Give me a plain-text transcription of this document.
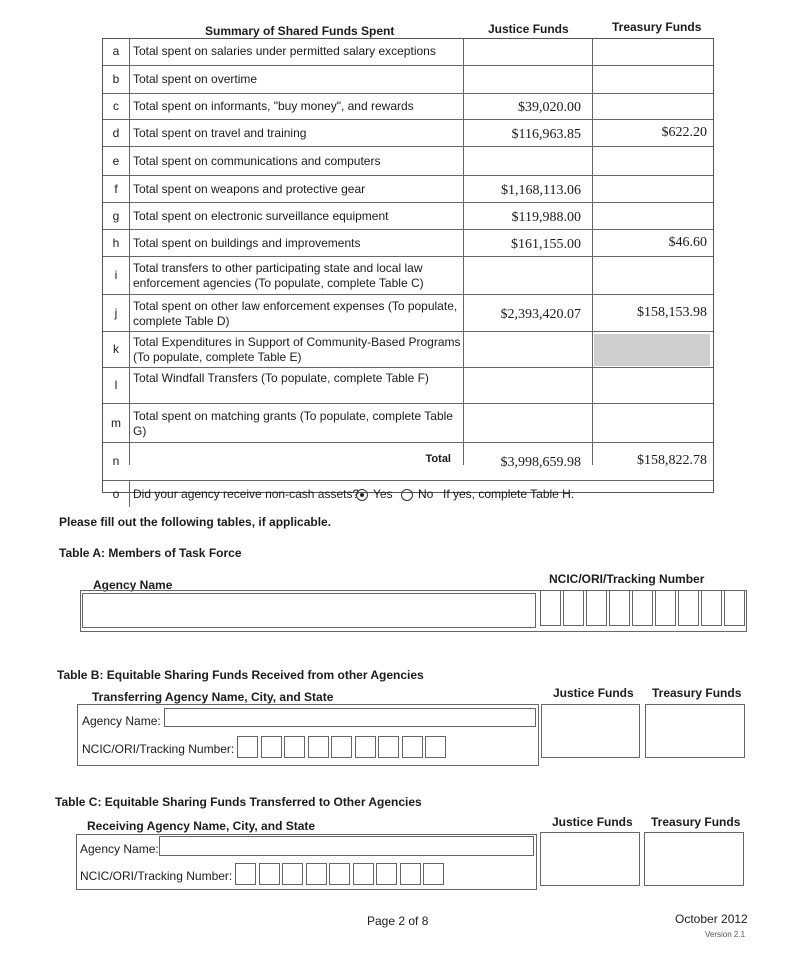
Summary of Shared Funds Spent	Justice Funds	Treasury Funds
a	Total spent on salaries under permitted salary exceptions
b	Total spent on overtime
c	Total spent on informants, "buy money", and rewards	$39,020.00
d	Total spent on travel and training	$116,963.85	$622.20
e	Total spent on communications and computers
f	Total spent on weapons and protective gear	$1,168,113.06
g	Total spent on electronic surveillance equipment	$119,988.00
h	Total spent on buildings and improvements	$161,155.00	$46.60
i	Total transfers to other participating state and local law enforcement agencies (To populate, complete Table C)
j	Total spent on other law enforcement expenses (To populate, complete Table D)	$2,393,420.07	$158,153.98
k	Total Expenditures in Support of Community-Based Programs (To populate, complete Table E)
l	Total Windfall Transfers (To populate, complete Table F)
m	Total spent on matching grants (To populate, complete Table G)
n	Total	$3,998,659.98	$158,822.78
o	Did your agency receive non-cash assets? Yes No If yes, complete Table H.
Please fill out the following tables, if applicable.
Table A: Members of Task Force
Agency Name	NCIC/ORI/Tracking Number
Table B: Equitable Sharing Funds Received from other Agencies
Transferring Agency Name, City, and State	Justice Funds Treasury Funds
Agency Name:
NCIC/ORI/Tracking Number:
Table C: Equitable Sharing Funds Transferred to Other Agencies
Receiving Agency Name, City, and State	Justice Funds Treasury Funds
Agency Name:
NCIC/ORI/Tracking Number:
Page 2 of 8	October 2012
Version 2.1
